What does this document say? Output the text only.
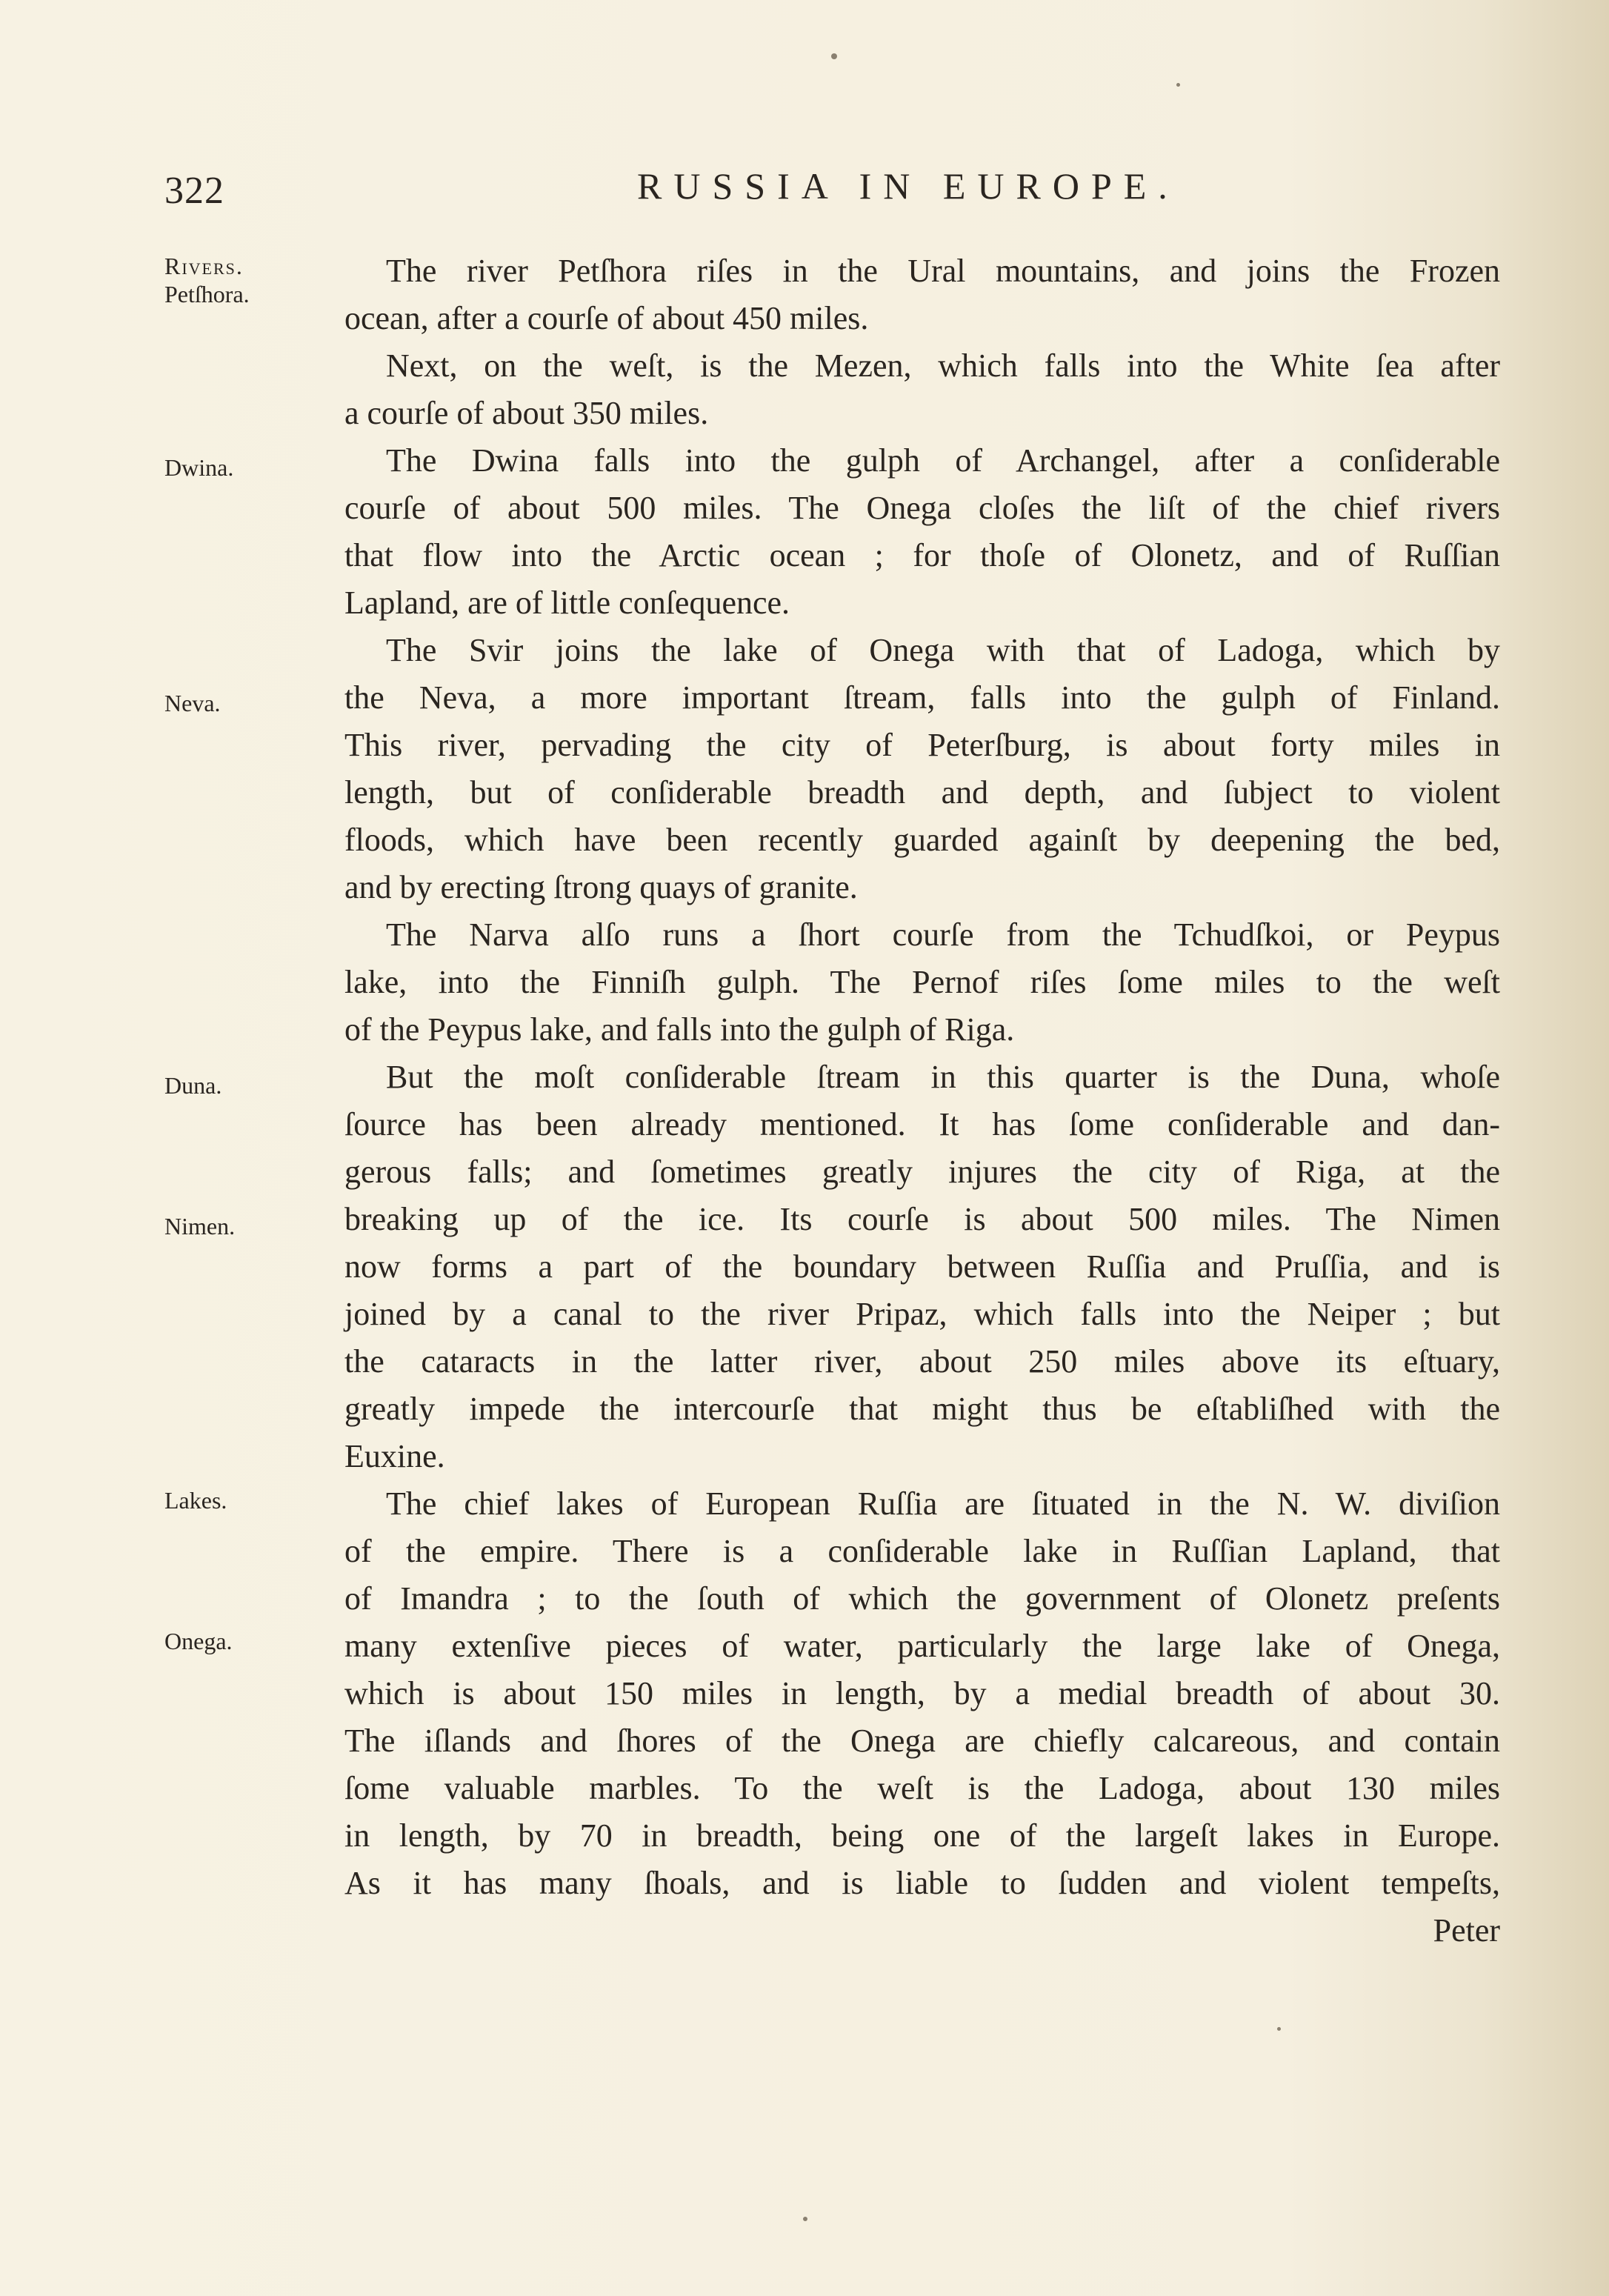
322	RUSSIA IN EUROPE.
Rivers.
Petſhora.
Dwina.
Neva.
Duna.
Nimen.
Lakes.
Onega.
The river Petſhora riſes in the Ural mountains, and joins the Frozen
ocean, after a courſe of about 450 miles.
Next, on the weſt, is the Mezen, which falls into the White ſea after
a courſe of about 350 miles.
The Dwina falls into the gulph of Archangel, after a conſiderable
courſe of about 500 miles. The Onega cloſes the liſt of the chief rivers
that flow into the Arctic ocean ; for thoſe of Olonetz, and of Ruſſian
Lapland, are of little conſequence.
The Svir joins the lake of Onega with that of Ladoga, which by
the Neva, a more important ſtream, falls into the gulph of Finland.
This river, pervading the city of Peterſburg, is about forty miles in
length, but of conſiderable breadth and depth, and ſubject to violent
floods, which have been recently guarded againſt by deepening the bed,
and by erecting ſtrong quays of granite.
The Narva alſo runs a ſhort courſe from the Tchudſkoi, or Peypus
lake, into the Finniſh gulph. The Pernof riſes ſome miles to the weſt
of the Peypus lake, and falls into the gulph of Riga.
But the moſt conſiderable ſtream in this quarter is the Duna, whoſe
ſource has been already mentioned. It has ſome conſiderable and dan-
gerous falls; and ſometimes greatly injures the city of Riga, at the
breaking up of the ice. Its courſe is about 500 miles. The Nimen
now forms a part of the boundary between Ruſſia and Pruſſia, and is
joined by a canal to the river Pripaz, which falls into the Neiper ; but
the cataracts in the latter river, about 250 miles above its eſtuary,
greatly impede the intercourſe that might thus be eſtabliſhed with the
Euxine.
The chief lakes of European Ruſſia are ſituated in the N. W. diviſion
of the empire. There is a conſiderable lake in Ruſſian Lapland, that
of Imandra ; to the ſouth of which the government of Olonetz preſents
many extenſive pieces of water, particularly the large lake of Onega,
which is about 150 miles in length, by a medial breadth of about 30.
The iſlands and ſhores of the Onega are chiefly calcareous, and contain
ſome valuable marbles. To the weſt is the Ladoga, about 130 miles
in length, by 70 in breadth, being one of the largeſt lakes in Europe.
As it has many ſhoals, and is liable to ſudden and violent tempeſts,
Peter
